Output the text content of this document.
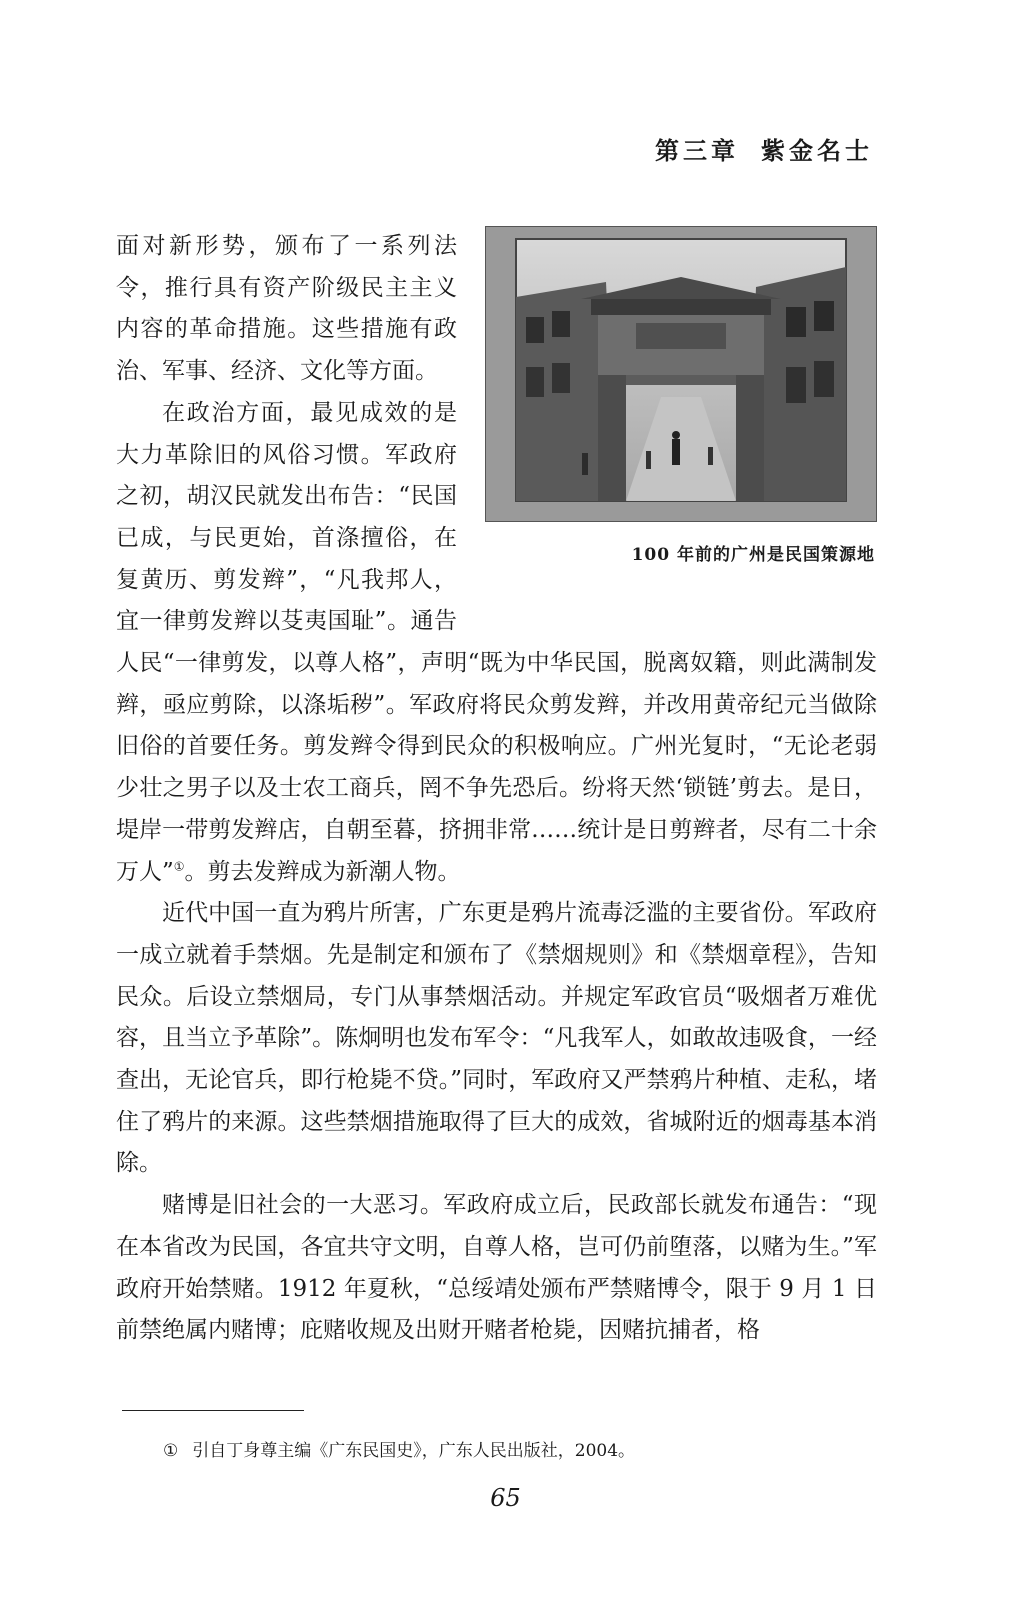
第三章 紫金名士
100 年前的广州是民国策源地

面对新形势，颁布了一系列法令，推行具有资产阶级民主主义内容的革命措施。这些措施有政治、军事、经济、文化等方面。

在政治方面，最见成效的是大力革除旧的风俗习惯。军政府之初，胡汉民就发出布告：“民国已成，与民更始，首涤擅俗，在复黄历、剪发辫”，“凡我邦人，宜一律剪发辫以芟夷国耻”。通告人民“一律剪发，以尊人格”，声明“既为中华民国，脱离奴籍，则此满制发辫，亟应剪除，以涤垢秽”。军政府将民众剪发辫，并改用黄帝纪元当做除旧俗的首要任务。剪发辫令得到民众的积极响应。广州光复时，“无论老弱少壮之男子以及士农工商兵，罔不争先恐后。纷将天然‘锁链’剪去。是日，堤岸一带剪发辫店，自朝至暮，挤拥非常……统计是日剪辫者，尽有二十余万人”①。剪去发辫成为新潮人物。

近代中国一直为鸦片所害，广东更是鸦片流毒泛滥的主要省份。军政府一成立就着手禁烟。先是制定和颁布了《禁烟规则》和《禁烟章程》，告知民众。后设立禁烟局，专门从事禁烟活动。并规定军政官员“吸烟者万难优容，且当立予革除”。陈炯明也发布军令：“凡我军人，如敢故违吸食，一经查出，无论官兵，即行枪毙不贷。”同时，军政府又严禁鸦片种植、走私，堵住了鸦片的来源。这些禁烟措施取得了巨大的成效，省城附近的烟毒基本消除。

赌博是旧社会的一大恶习。军政府成立后，民政部长就发布通告：“现在本省改为民国，各宜共守文明，自尊人格，岂可仍前堕落，以赌为生。”军政府开始禁赌。1912 年夏秋，“总绥靖处颁布严禁赌博令，限于 9 月 1 日前禁绝属内赌博；庇赌收规及出财开赌者枪毙，因赌抗捕者，格

① 引自丁身尊主编《广东民国史》，广东人民出版社，2004。
65
